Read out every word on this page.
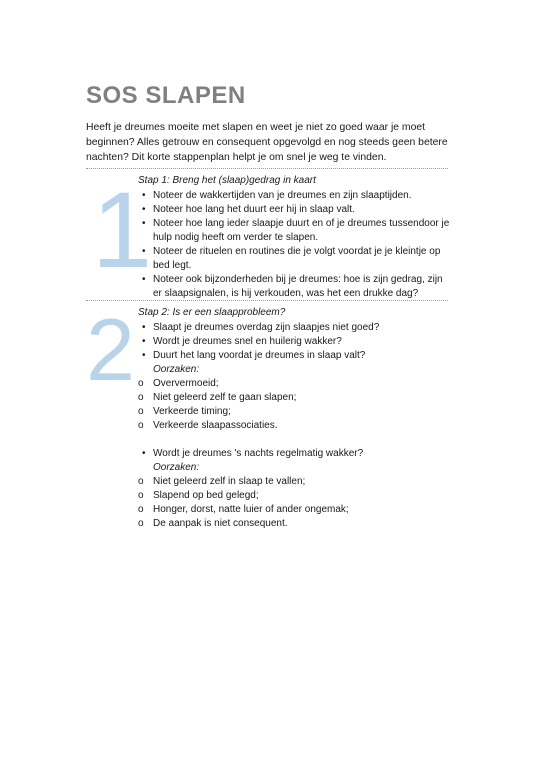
SOS SLAPEN

Heeft je dreumes moeite met slapen en weet je niet zo goed waar je moet beginnen? Alles getrouw en consequent opgevolgd en nog steeds geen betere nachten? Dit korte stappenplan helpt je om snel je weg te vinden.

1
Stap 1: Breng het (slaap)gedrag in kaart
• Noteer de wakkertijden van je dreumes en zijn slaaptijden.
• Noteer hoe lang het duurt eer hij in slaap valt.
• Noteer hoe lang ieder slaapje duurt en of je dreumes tussendoor je hulp nodig heeft om verder te slapen.
• Noteer de rituelen en routines die je volgt voordat je je kleintje op bed legt.
• Noteer ook bijzonderheden bij je dreumes: hoe is zijn gedrag, zijn er slaapsignalen, is hij verkouden, was het een drukke dag?
2 Stap 2: Is er een slaapprobleem?
• Slaapt je dreumes overdag zijn slaapjes niet goed?
• Wordt je dreumes snel en huilerig wakker?
• Duurt het lang voordat je dreumes in slaap valt?
Oorzaken:
o Oververmoeid;
o Niet geleerd zelf te gaan slapen;
o Verkeerde timing;
o Verkeerde slaapassociaties.
• Wordt je dreumes 's nachts regelmatig wakker?
Oorzaken:
o Niet geleerd zelf in slaap te vallen;
o Slapend op bed gelegd;
o Honger, dorst, natte luier of ander ongemak;
o De aanpak is niet consequent.
